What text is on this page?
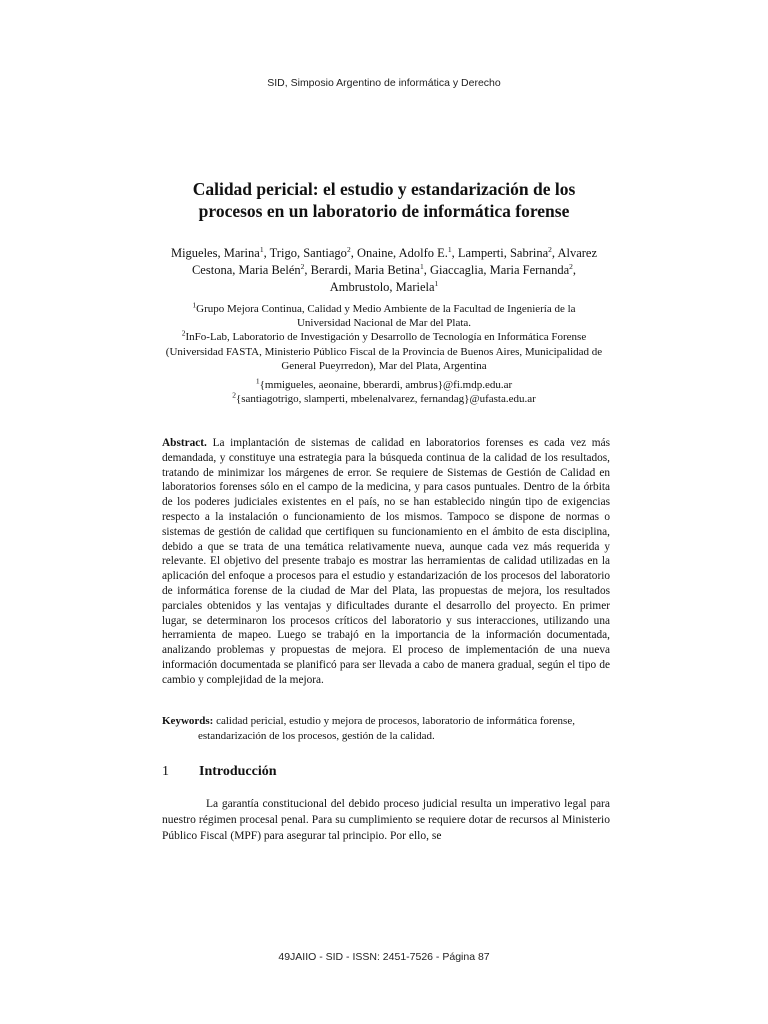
SID, Simposio Argentino de informática y Derecho
Calidad pericial: el estudio y estandarización de los
procesos en un laboratorio de informática forense
Migueles, Marina$^1$, Trigo, Santiago$^2$, Onaine, Adolfo E.$^1$, Lamperti, Sabrina$^2$, Alvarez Cestona, Maria Belén$^2$, Berardi, Maria Betina$^1$, Giaccaglia, Maria Fernanda$^2$, Ambrustolo, Mariela$^1$

$^1$Grupo Mejora Continua, Calidad y Medio Ambiente de la Facultad de Ingeniería de la Universidad Nacional de Mar del Plata.

$^2$InFo-Lab, Laboratorio de Investigación y Desarrollo de Tecnología en Informática Forense (Universidad FASTA, Ministerio Público Fiscal de la Provincia de Buenos Aires, Municipalidad de General Pueyrredon), Mar del Plata, Argentina

$^1${mmigueles, aeonaine, bberardi, ambrus}@fi.mdp.edu.ar
$^2${santiagotrigo, slamperti, mbelenalvarez, fernandag}@ufasta.edu.ar

Abstract. La implantación de sistemas de calidad en laboratorios forenses es cada vez más demandada, y constituye una estrategia para la búsqueda continua de la calidad de los resultados, tratando de minimizar los márgenes de error. Se requiere de Sistemas de Gestión de Calidad en laboratorios forenses sólo en el campo de la medicina, y para casos puntuales. Dentro de la órbita de los poderes judiciales existentes en el país, no se han establecido ningún tipo de exigencias respecto a la instalación o funcionamiento de los mismos. Tampoco se dispone de normas o sistemas de gestión de calidad que certifiquen su funcionamiento en el ámbito de esta disciplina, debido a que se trata de una temática relativamente nueva, aunque cada vez más requerida y relevante. El objetivo del presente trabajo es mostrar las herramientas de calidad utilizadas en la aplicación del enfoque a procesos para el estudio y estandarización de los procesos del laboratorio de informática forense de la ciudad de Mar del Plata, las propuestas de mejora, los resultados parciales obtenidos y las ventajas y dificultades durante el desarrollo del proyecto. En primer lugar, se determinaron los procesos críticos del laboratorio y sus interacciones, utilizando una herramienta de mapeo. Luego se trabajó en la importancia de la información documentada, analizando problemas y propuestas de mejora. El proceso de implementación de una nueva información documentada se planificó para ser llevada a cabo de manera gradual, según el tipo de cambio y complejidad de la mejora.

Keywords: calidad pericial, estudio y mejora de procesos, laboratorio de informática forense, estandarización de los procesos, gestión de la calidad.

1 Introducción

La garantía constitucional del debido proceso judicial resulta un imperativo legal para nuestro régimen procesal penal. Para su cumplimiento se requiere dotar de recursos al Ministerio Público Fiscal (MPF) para asegurar tal principio. Por ello, se

49JAIIO - SID - ISSN: 2451-7526 - Página 87
